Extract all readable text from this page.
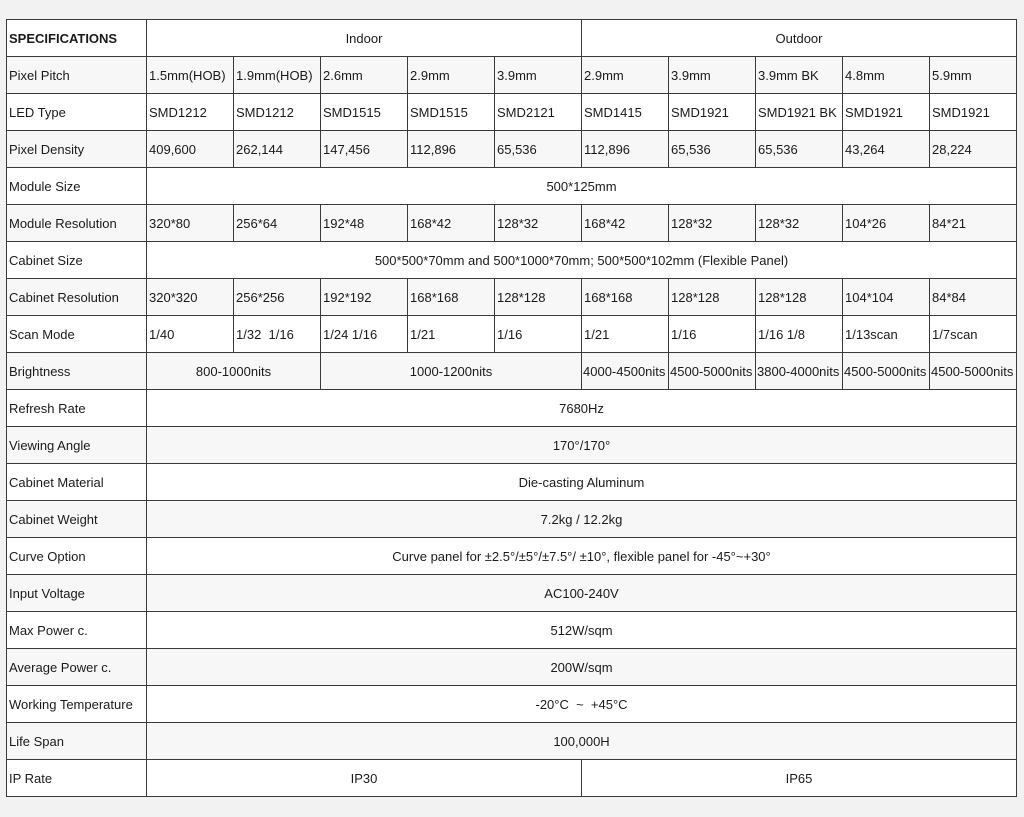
SPECIFICATIONS	Indoor					Outdoor				
Pixel Pitch	1.5mm(HOB)	1.9mm(HOB)	2.6mm	2.9mm	3.9mm	2.9mm	3.9mm	3.9mm BK	4.8mm	5.9mm
LED Type	SMD1212	SMD1212	SMD1515	SMD1515	SMD2121	SMD1415	SMD1921	SMD1921 BK	SMD1921	SMD1921
Pixel Density	409,600	262,144	147,456	112,896	65,536	112,896	65,536	65,536	43,264	28,224
Module Size	500*125mm									
Module Resolution	320*80	256*64	192*48	168*42	128*32	168*42	128*32	128*32	104*26	84*21
Cabinet Size	500*500*70mm and 500*1000*70mm; 500*500*102mm (Flexible Panel)									
Cabinet Resolution	320*320	256*256	192*192	168*168	128*128	168*168	128*128	128*128	104*104	84*84
Scan Mode	1/40	1/32  1/16	1/24 1/16	1/21	1/16	1/21	1/16	1/16 1/8	1/13scan	1/7scan
Brightness	800-1000nits		1000-1200nits			4000-4500nits	4500-5000nits	3800-4000nits	4500-5000nits	4500-5000nits
Refresh Rate	7680Hz									
Viewing Angle	170°/170°									
Cabinet Material	Die-casting Aluminum									
Cabinet Weight	7.2kg / 12.2kg									
Curve Option	Curve panel for ±2.5°/±5°/±7.5°/ ±10°, flexible panel for -45°~+30°									
Input Voltage	AC100-240V									
Max Power c.	512W/sqm									
Average Power c.	200W/sqm									
Working Temperature	-20°C  ~  +45°C									
Life Span	100,000H									
IP Rate	IP30					IP65				
